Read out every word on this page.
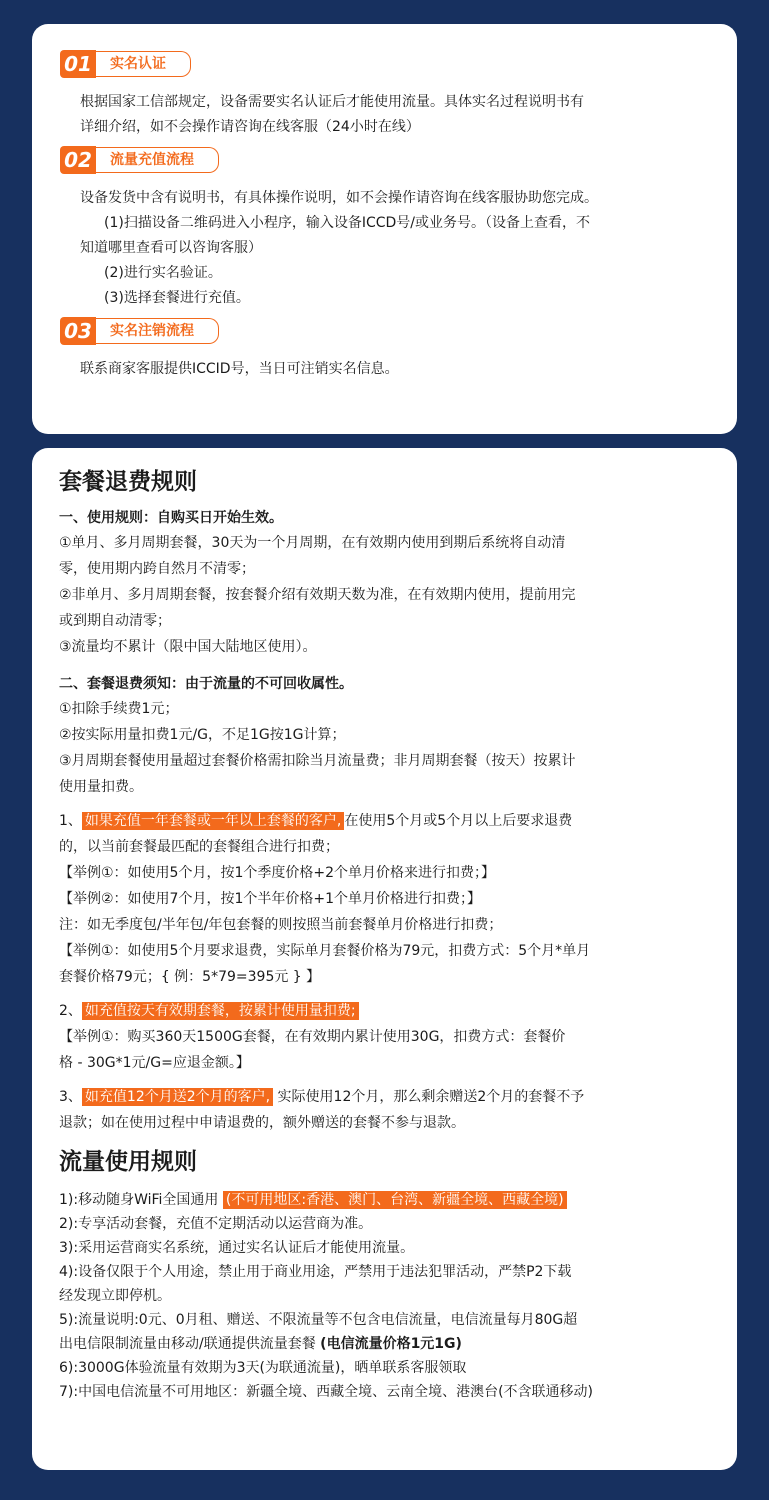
01	实名认证
根据国家工信部规定，设备需要实名认证后才能使用流量。具体实名过程说明书有
详细介绍，如不会操作请咨询在线客服（24小时在线）
02	流量充值流程
设备发货中含有说明书，有具体操作说明，如不会操作请咨询在线客服协助您完成。
(1)扫描设备二维码进入小程序，输入设备ICCD号/或业务号。（设备上查看，不
知道哪里查看可以咨询客服）
(2)进行实名验证。
(3)选择套餐进行充值。
03	实名注销流程
联系商家客服提供ICCID号，当日可注销实名信息。
套餐退费规则
一、使用规则：自购买日开始生效。
①单月、多月周期套餐，30天为一个月周期，在有效期内使用到期后系统将自动清
零，使用期内跨自然月不清零；
②非单月、多月周期套餐，按套餐介绍有效期天数为准，在有效期内使用，提前用完
或到期自动清零；
③流量均不累计（限中国大陆地区使用）。
二、套餐退费须知：由于流量的不可回收属性。
①扣除手续费1元；
②按实际用量扣费1元/G，不足1G按1G计算；
③月周期套餐使用量超过套餐价格需扣除当月流量费；非月周期套餐（按天）按累计
使用量扣费。
1、 如果充值一年套餐或一年以上套餐的客户, 在使用5个月或5个月以上后要求退费
的，以当前套餐最匹配的套餐组合进行扣费；
【举例①：如使用5个月，按1个季度价格+2个单月价格来进行扣费；】
【举例②：如使用7个月，按1个半年价格+1个单月价格进行扣费；】
注：如无季度包/半年包/年包套餐的则按照当前套餐单月价格进行扣费；
【举例①：如使用5个月要求退费，实际单月套餐价格为79元，扣费方式：5个月*单月
套餐价格79元；{ 例：5*79=395元 } 】
2、 如充值按天有效期套餐，按累计使用量扣费;
【举例①：购买360天1500G套餐，在有效期内累计使用30G，扣费方式：套餐价
格 - 30G*1元/G=应退金额。】
3、 如充值12个月送2个月的客户, 实际使用12个月，那么剩余赠送2个月的套餐不予
退款；如在使用过程中申请退费的，额外赠送的套餐不参与退款。
流量使用规则
1):移动随身WiFi全国通用 (不可用地区:香港、澳门、台湾、新疆全境、西藏全境)
2):专享活动套餐，充值不定期活动以运营商为准。
3):采用运营商实名系统，通过实名认证后才能使用流量。
4):设备仅限于个人用途，禁止用于商业用途，严禁用于违法犯罪活动，严禁P2下载
经发现立即停机。
5):流量说明:0元、0月租、赠送、不限流量等不包含电信流量，电信流量每月80G超
出电信限制流量由移动/联通提供流量套餐 (电信流量价格1元1G)
6):3000G体验流量有效期为3天(为联通流量)，晒单联系客服领取
7):中国电信流量不可用地区：新疆全境、西藏全境、云南全境、港澳台(不含联通移动)
